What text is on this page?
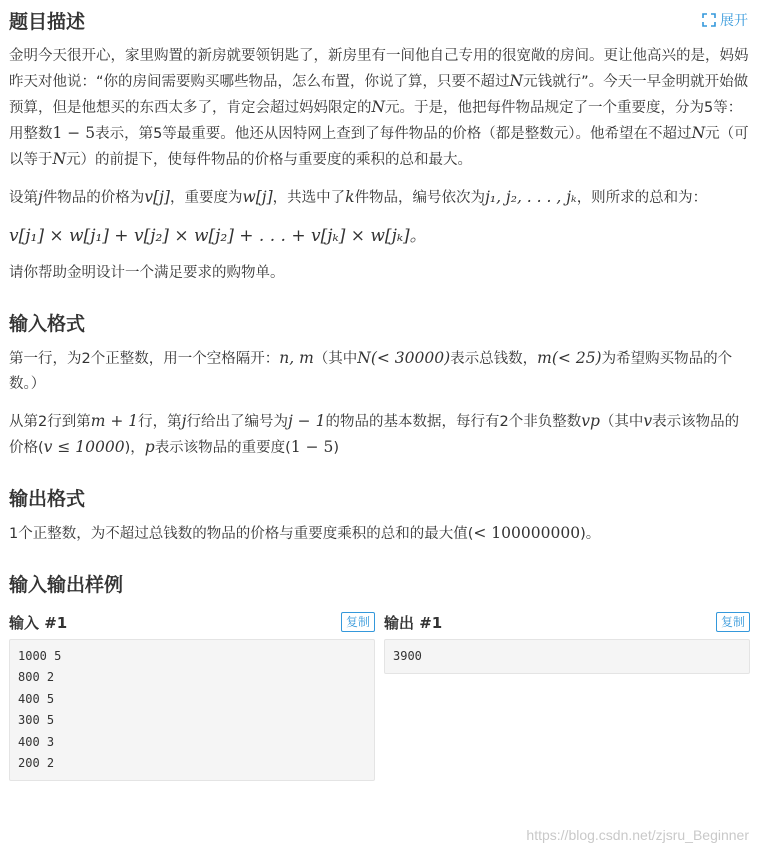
题目描述	展开

金明今天很开心，家里购置的新房就要领钥匙了，新房里有一间他自己专用的很宽敞的房间。更让他高兴的是，妈妈昨天对他说：“你的房间需要购买哪些物品，怎么布置，你说了算，只要不超过N元钱就行”。今天一早金明就开始做预算，但是他想买的东西太多了，肯定会超过妈妈限定的N元。于是，他把每件物品规定了一个重要度，分为5等：用整数1 − 5表示，第5等最重要。他还从因特网上查到了每件物品的价格（都是整数元）。他希望在不超过N元（可以等于N元）的前提下，使每件物品的价格与重要度的乘积的总和最大。

设第j件物品的价格为v[j]，重要度为w[j]，共选中了k件物品，编号依次为j₁, j₂, . . . , jₖ，则所求的总和为：

v[j₁] × w[j₁] + v[j₂] × w[j₂] + . . . + v[jₖ] × w[jₖ]。

请你帮助金明设计一个满足要求的购物单。

输入格式

第一行，为2个正整数，用一个空格隔开：n, m（其中N(< 30000)表示总钱数，m(< 25)为希望购买物品的个数。）

从第2行到第m + 1行，第j行给出了编号为j − 1的物品的基本数据，每行有2个非负整数vp（其中v表示该物品的价格(v ≤ 10000)，p表示该物品的重要度(1 − 5)

输出格式

1个正整数，为不超过总钱数的物品的价格与重要度乘积的总和的最大值(< 100000000)。

输入输出样例
输入 #1	复制
1000 5
800 2
400 5
300 5
400 3
200 2
输出 #1	复制
3900
https://blog.csdn.net/zjsru_Beginner
